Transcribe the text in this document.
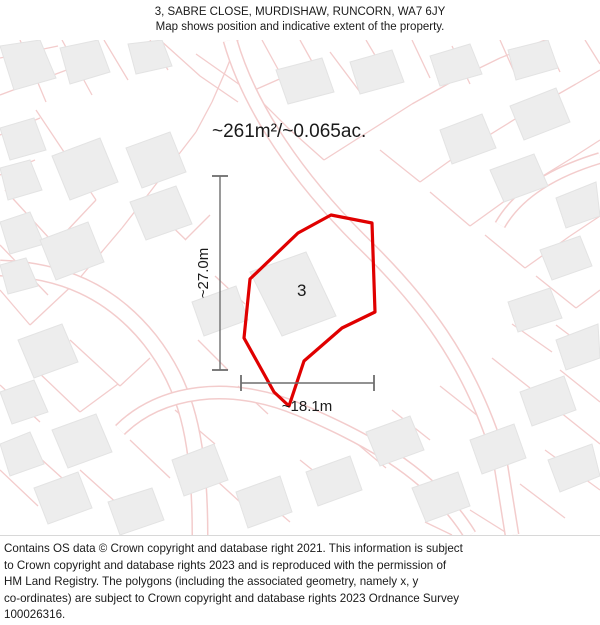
3, SABRE CLOSE, MURDISHAW, RUNCORN, WA7 6JY
Map shows position and indicative extent of the property.
~261m²/~0.065ac.
3
~27.0m
~18.1m

Contains OS data © Crown copyright and database right 2021. This information is subject

to Crown copyright and database rights 2023 and is reproduced with the permission of

HM Land Registry. The polygons (including the associated geometry, namely x, y

co-ordinates) are subject to Crown copyright and database rights 2023 Ordnance Survey

100026316.
